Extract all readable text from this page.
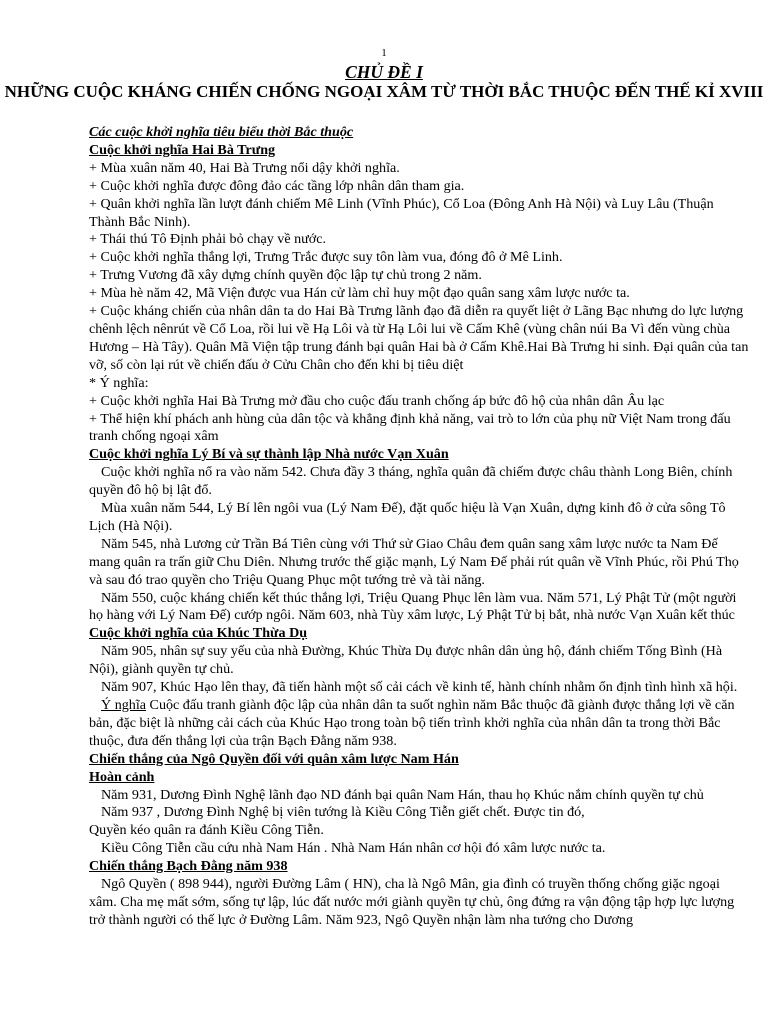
1
CHỦ ĐỀ I
NHỮNG CUỘC KHÁNG CHIẾN CHỐNG NGOẠI XÂM TỪ THỜI BẮC THUỘC ĐẾN THẾ KỈ XVIII
Các cuộc khởi nghĩa tiêu biểu thời Bắc thuộc
Cuộc khởi nghĩa Hai Bà Trưng
+ Mùa xuân năm 40, Hai Bà Trưng nổi dậy khởi nghĩa.
+ Cuộc khởi nghĩa được đông đảo các tầng lớp nhân dân tham gia.
+ Quân khởi nghĩa lần lượt đánh chiếm Mê Linh (Vĩnh Phúc), Cổ Loa (Đông Anh Hà Nội) và Luy Lâu (Thuận Thành Bắc Ninh).
+ Thái thú Tô Định phải bỏ chạy về nước.
+ Cuộc khởi nghĩa thắng lợi, Trưng Trắc được suy tôn làm vua, đóng đô ở Mê Linh.
+ Trưng Vương đã xây dựng chính quyền độc lập tự chủ trong 2 năm.
+ Mùa hè năm 42, Mã Viện được vua Hán cử làm chỉ huy một đạo quân sang xâm lược nước ta.
+ Cuộc kháng chiến của nhân dân ta do Hai Bà Trưng lãnh đạo đã diễn ra quyết liệt ở Lãng Bạc nhưng do lực lượng chênh lệch nênrút về Cổ Loa, rồi lui về Hạ Lôi và từ Hạ Lôi lui về Cấm Khê (vùng chân núi Ba Vì đến vùng chùa Hương – Hà Tây). Quân Mã Viện tập trung đánh bại quân Hai bà ở Cấm Khê.Hai Bà Trưng hi sinh. Đại quân của tan vỡ, số còn lại rút về chiến đấu ở Cửu Chân cho đến khi bị tiêu diệt
* Ý nghĩa:
+ Cuộc khởi nghĩa Hai Bà Trưng mở đầu cho cuộc đấu tranh chống áp bức đô hộ của nhân dân Âu lạc
+ Thể hiện khí phách anh hùng của dân tộc và khẳng định khả năng, vai trò to lớn của phụ nữ Việt Nam trong đấu tranh chống ngoại xâm
Cuộc khởi nghĩa Lý Bí và sự thành lập Nhà nước Vạn Xuân
Cuộc khởi nghĩa nổ ra vào năm 542. Chưa đầy 3 tháng, nghĩa quân đã chiếm được châu thành Long Biên, chính quyền đô hộ bị lật đổ.
Mùa xuân năm 544, Lý Bí lên ngôi vua (Lý Nam Đế), đặt quốc hiệu là Vạn Xuân, dựng kinh đô ở cửa sông Tô Lịch (Hà Nội).
Năm 545, nhà Lương cử Trần Bá Tiên cùng với Thứ sử Giao Châu đem quân sang xâm lược nước ta Nam Đế mang quân ra trấn giữ Chu Diên. Nhưng trước thế giặc mạnh, Lý Nam Đế phải rút quân về Vĩnh Phúc, rồi Phú Thọ và sau đó trao quyền cho Triệu Quang Phục một tướng trẻ và tài năng.
Năm 550, cuộc kháng chiến kết thúc thắng lợi, Triệu Quang Phục lên làm vua. Năm 571, Lý Phật Tử (một người họ hàng với Lý Nam Đế) cướp ngôi. Năm 603, nhà Tùy xâm lược, Lý Phật Tử bị bắt, nhà nước Vạn Xuân kết thúc
Cuộc khởi nghĩa của Khúc Thừa Dụ
Năm 905, nhân sự suy yếu của nhà Đường, Khúc Thừa Dụ được nhân dân ủng hộ, đánh chiếm Tống Bình (Hà Nội), giành quyền tự chủ.
Năm 907, Khúc Hạo lên thay, đã tiến hành một số cải cách về kinh tế, hành chính nhằm ổn định tình hình xã hội.
Ý nghĩa Cuộc đấu tranh giành độc lập của nhân dân ta suốt nghìn năm Bắc thuộc đã giành được thắng lợi về căn bản, đặc biệt là những cải cách của Khúc Hạo trong toàn bộ tiến trình khởi nghĩa của nhân dân ta trong thời Bắc thuộc, đưa đến thắng lợi của trận Bạch Đằng năm 938.
Chiến thắng của Ngô Quyền đối với quân xâm lược Nam Hán
Hoàn cảnh
Năm 931, Dương Đình Nghệ lãnh đạo ND đánh bại quân Nam Hán, thau họ Khúc nắm chính quyền tự chủ
Năm 937 , Dương Đình Nghệ bị viên tướng là Kiều Công Tiễn giết chết. Được tin đó,
Quyền kéo quân ra đánh Kiều Công Tiễn.
Kiều Công Tiễn cầu cứu nhà Nam Hán . Nhà Nam Hán nhân cơ hội đó xâm lược nước ta.
Chiến thắng Bạch Đằng năm 938
Ngô Quyền ( 898 944), người Đường Lâm ( HN), cha là Ngô Mân, gia đình có truyền thống chống giặc ngoại xâm. Cha mẹ mất sớm, sống tự lập, lúc đất nước mới giành quyền tự chủ, ông đứng ra vận động tập hợp lực lượng trở thành người có thế lực ở Đường Lâm. Năm 923, Ngô Quyền nhận làm nha tướng cho Dương
